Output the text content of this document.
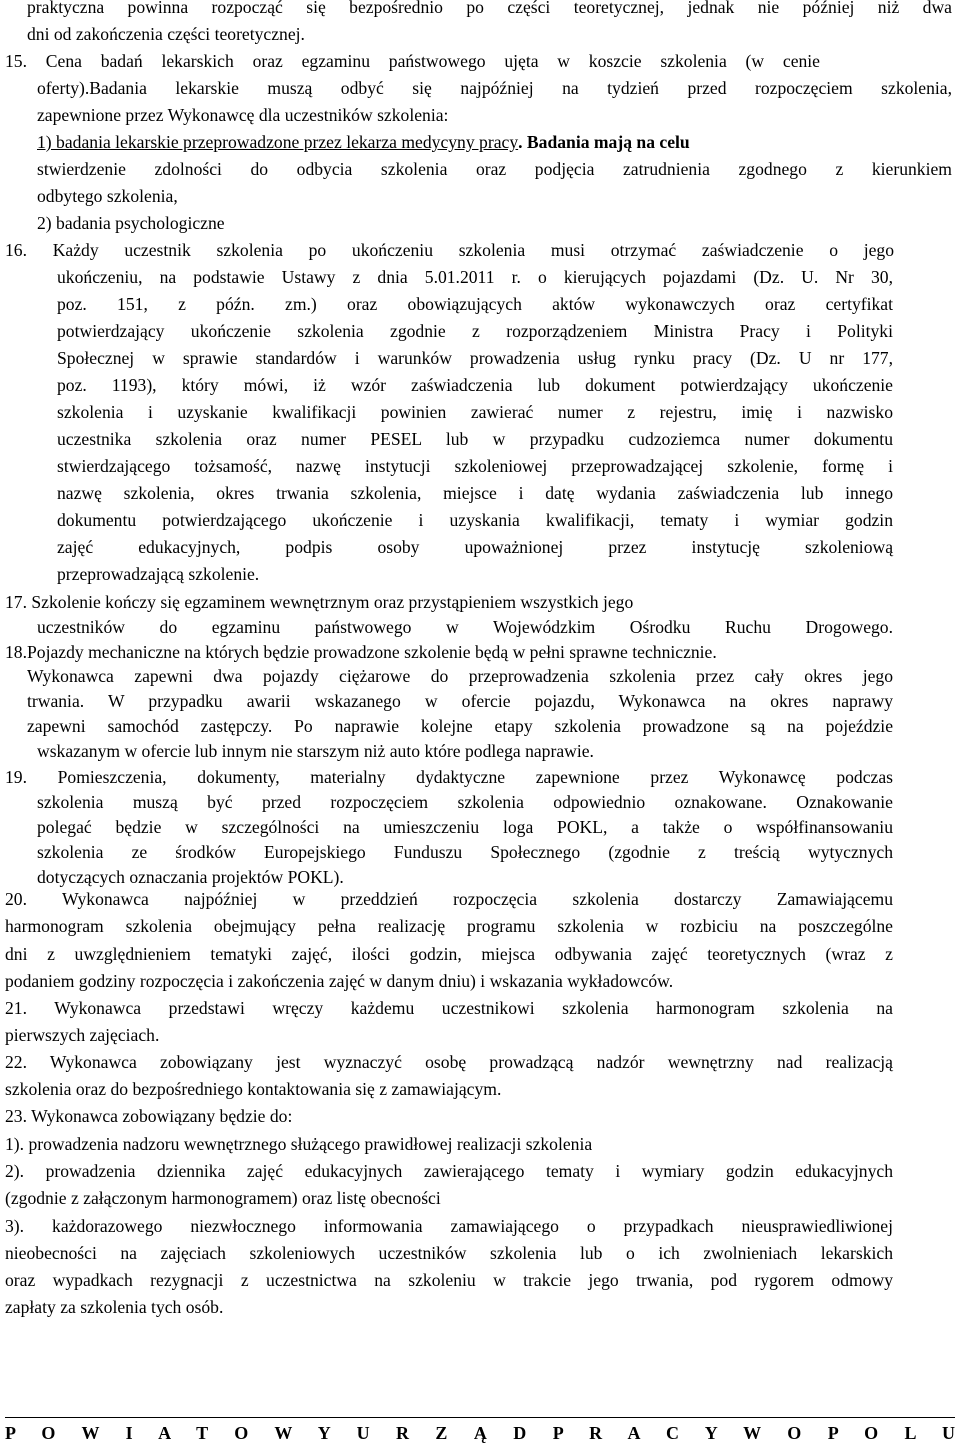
praktyczna powinna rozpocząć się bezpośrednio po części teoretycznej, jednak nie później niż dwa
dni od zakończenia części teoretycznej.
15. Cena badań lekarskich oraz egzaminu państwowego ujęta w koszcie szkolenia (w cenie
oferty).Badania lekarskie muszą odbyć się najpóźniej na tydzień przed rozpoczęciem szkolenia,
zapewnione przez Wykonawcę dla uczestników szkolenia:
1) badania lekarskie przeprowadzone przez lekarza medycyny pracy. Badania mają na celu
stwierdzenie zdolności do odbycia szkolenia oraz podjęcia zatrudnienia zgodnego z kierunkiem
odbytego szkolenia,
2) badania psychologiczne
16. Każdy uczestnik szkolenia po ukończeniu szkolenia musi otrzymać zaświadczenie o jego
ukończeniu, na podstawie Ustawy z dnia 5.01.2011 r. o kierujących pojazdami (Dz. U. Nr 30,
poz. 151, z późn. zm.) oraz obowiązujących aktów wykonawczych oraz certyfikat
potwierdzający ukończenie szkolenia zgodnie z rozporządzeniem Ministra Pracy i Polityki
Społecznej w sprawie standardów i warunków prowadzenia usług rynku pracy (Dz. U nr 177,
poz. 1193), który mówi, iż wzór zaświadczenia lub dokument potwierdzający ukończenie
szkolenia i uzyskanie kwalifikacji powinien zawierać numer z rejestru, imię i nazwisko
uczestnika szkolenia oraz numer PESEL lub w przypadku cudzoziemca numer dokumentu
stwierdzającego tożsamość, nazwę instytucji szkoleniowej przeprowadzającej szkolenie, formę i
nazwę szkolenia, okres trwania szkolenia, miejsce i datę wydania zaświadczenia lub innego
dokumentu potwierdzającego ukończenie i uzyskania kwalifikacji, tematy i wymiar godzin
zajęć edukacyjnych, podpis osoby upoważnionej przez instytucję szkoleniową
przeprowadzającą szkolenie.
17. Szkolenie kończy się egzaminem wewnętrznym oraz przystąpieniem wszystkich jego
uczestników do egzaminu państwowego w Wojewódzkim Ośrodku Ruchu Drogowego.
18.Pojazdy mechaniczne na których będzie prowadzone szkolenie będą w pełni sprawne technicznie.
Wykonawca zapewni dwa pojazdy ciężarowe do przeprowadzenia szkolenia przez cały okres jego
trwania. W przypadku awarii wskazanego w ofercie pojazdu, Wykonawca na okres naprawy
zapewni samochód zastępczy. Po naprawie kolejne etapy szkolenia prowadzone są na pojeździe
wskazanym w ofercie lub innym nie starszym niż auto które podlega naprawie.
19. Pomieszczenia, dokumenty, materialny dydaktyczne zapewnione przez Wykonawcę podczas
szkolenia muszą być przed rozpoczęciem szkolenia odpowiednio oznakowane. Oznakowanie
polegać będzie w szczególności na umieszczeniu loga POKL, a także o współfinansowaniu
szkolenia ze środków Europejskiego Funduszu Społecznego (zgodnie z treścią wytycznych
dotyczących oznaczania projektów POKL).
20. Wykonawca najpóźniej w przeddzień rozpoczęcia szkolenia dostarczy Zamawiającemu
harmonogram szkolenia obejmujący pełna realizację programu szkolenia w rozbiciu na poszczególne
dni z uwzględnieniem tematyki zajęć, ilości godzin, miejsca odbywania zajęć teoretycznych (wraz z
podaniem godziny rozpoczęcia i zakończenia zajęć w danym dniu) i wskazania wykładowców.
21. Wykonawca przedstawi wręczy każdemu uczestnikowi szkolenia harmonogram szkolenia na
pierwszych zajęciach.
22. Wykonawca zobowiązany jest wyznaczyć osobę prowadzącą nadzór wewnętrzny nad realizacją
szkolenia oraz do bezpośredniego kontaktowania się z zamawiającym.
23. Wykonawca zobowiązany będzie do:
1). prowadzenia nadzoru wewnętrznego służącego prawidłowej realizacji szkolenia
2). prowadzenia dziennika zajęć edukacyjnych zawierającego tematy i wymiary godzin edukacyjnych
(zgodnie z załączonym harmonogramem) oraz listę obecności
3). każdorazowego niezwłocznego informowania zamawiającego o przypadkach nieusprawiedliwionej
nieobecności na zajęciach szkoleniowych uczestników szkolenia lub o ich zwolnieniach lekarskich
oraz wypadkach rezygnacji z uczestnictwa na szkoleniu w trakcie jego trwania, pod rygorem odmowy
zapłaty za szkolenia tych osób.
P O W I A T O W Y U R Z Ą D P R A C Y W O P O L U
